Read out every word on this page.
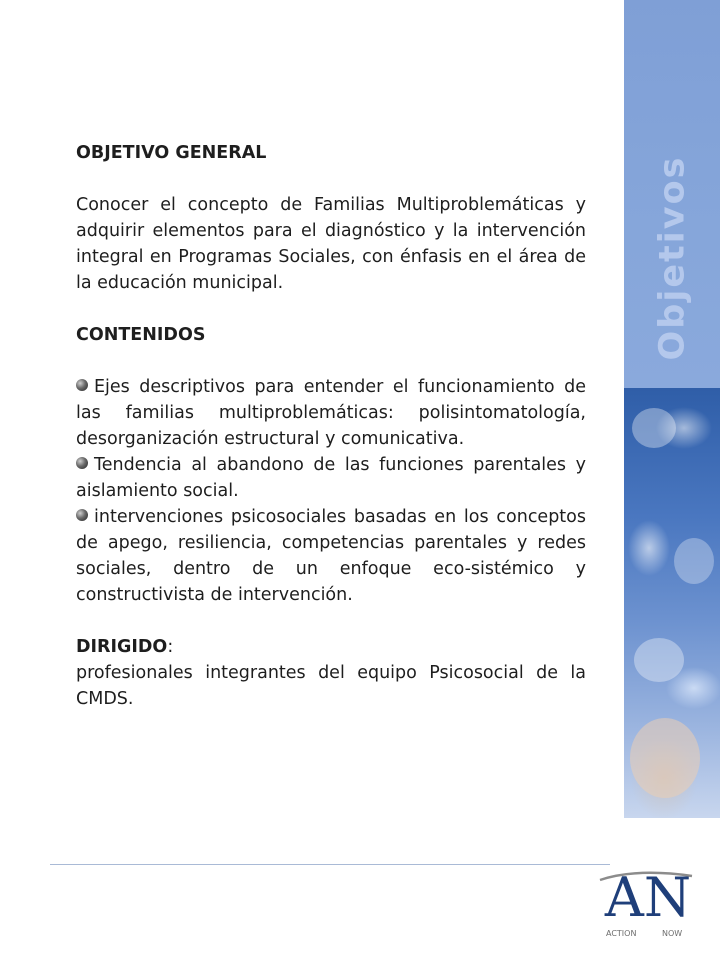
Objetivos

OBJETIVO GENERAL

Conocer el concepto de Familias Multiproblemáticas y adquirir elementos para el diagnóstico y la intervención integral en Programas Sociales, con énfasis en el área de la educación municipal.

CONTENIDOS

Ejes descriptivos para entender el funcionamiento de las familias multiproblemáticas: polisintomatología, desorganización estructural y comunicativa.

Tendencia al abandono de las funciones parentales y aislamiento social.

intervenciones psicosociales basadas en los conceptos de apego, resiliencia, competencias parentales y redes sociales, dentro de un enfoque eco-sistémico y constructivista de intervención.

DIRIGIDO:

profesionales integrantes del equipo Psicosocial de la CMDS.

AN
ACTION	NOW
